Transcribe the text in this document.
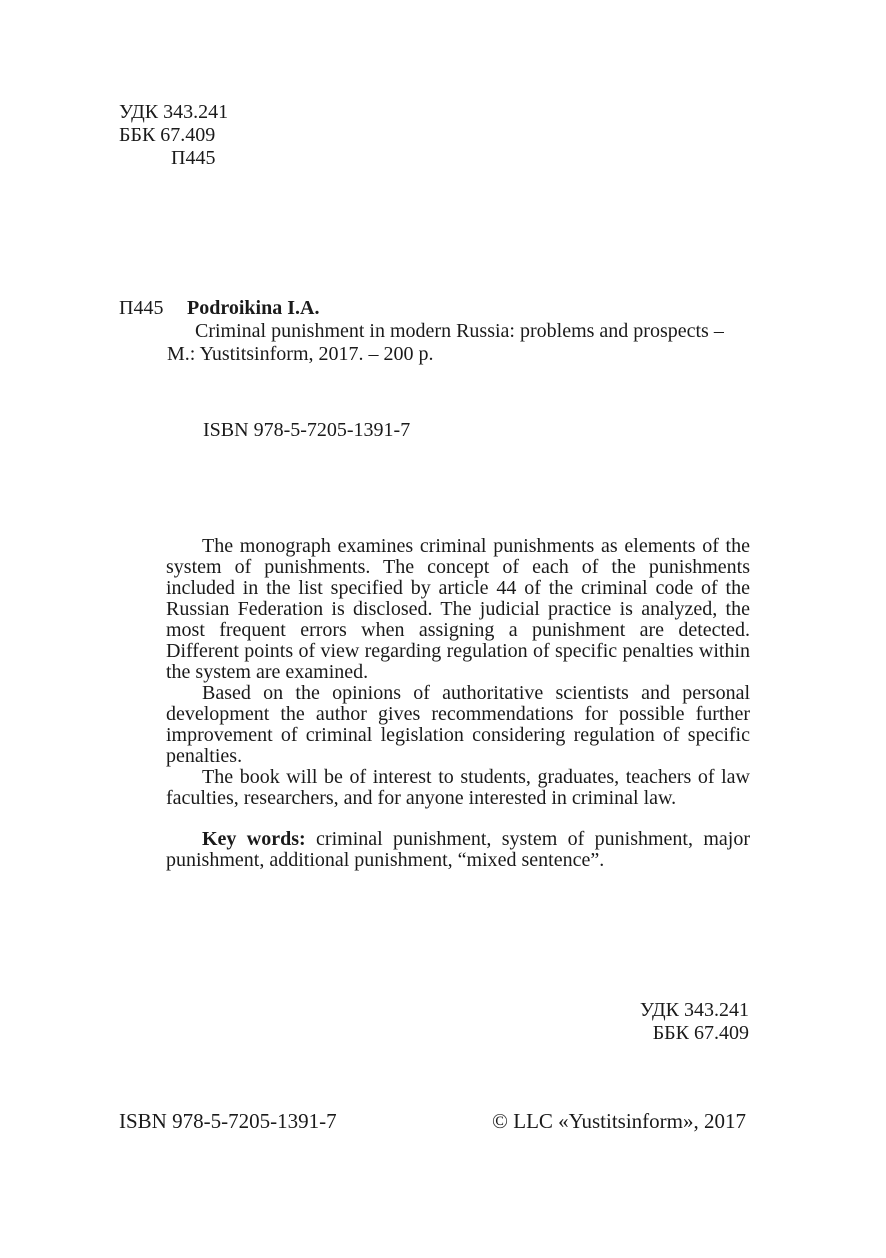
УДК 343.241
ББК 67.409
П445
П445 Podroikina I.A.
Criminal punishment in modern Russia: problems and prospects –
M.: Yustitsinform, 2017. – 200 p.
ISBN 978-5-7205-1391-7

The monograph examines criminal punishments as elements of the system of punishments. The concept of each of the punishments included in the list specified by article 44 of the criminal code of the Russian Federation is disclosed. The judicial practice is analyzed, the most frequent errors when assigning a punishment are detected. Different points of view regarding regulation of specific penalties within the system are examined.

Based on the opinions of authoritative scientists and personal development the author gives recommendations for possible further improvement of criminal legislation considering regulation of specific penalties.

The book will be of interest to students, graduates, teachers of law faculties, researchers, and for anyone interested in criminal law.

Key words: criminal punishment, system of punishment, major punishment, additional punishment, “mixed sentence”.

УДК 343.241
ББК 67.409
ISBN 978-5-7205-1391-7	© LLC «Yustitsinform», 2017
